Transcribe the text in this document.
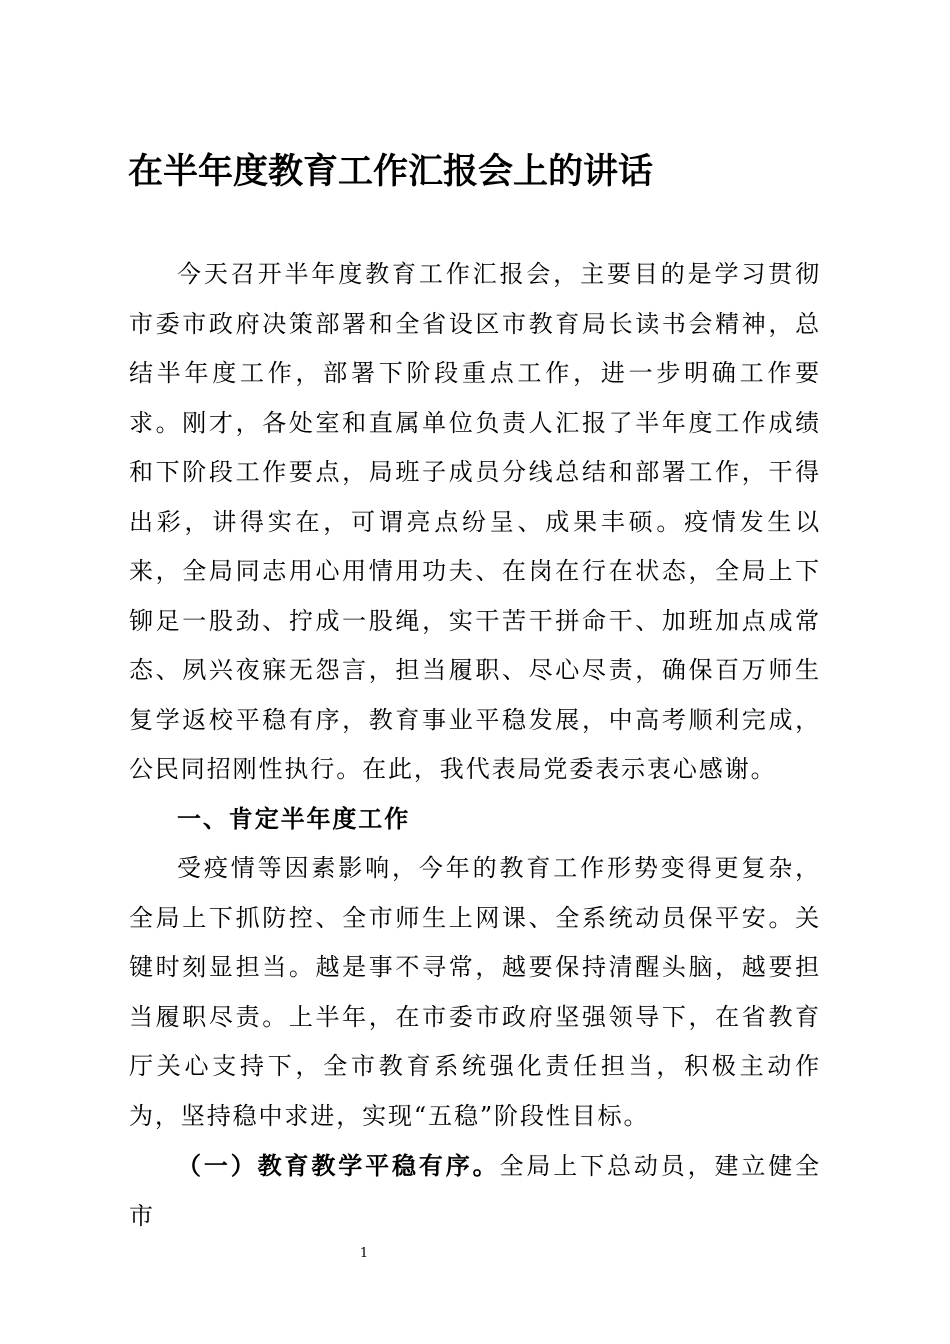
在半年度教育工作汇报会上的讲话

今天召开半年度教育工作汇报会，主要目的是学习贯彻市委市政府决策部署和全省设区市教育局长读书会精神，总结半年度工作，部署下阶段重点工作，进一步明确工作要求。刚才，各处室和直属单位负责人汇报了半年度工作成绩和下阶段工作要点，局班子成员分线总结和部署工作，干得出彩，讲得实在，可谓亮点纷呈、成果丰硕。疫情发生以来，全局同志用心用情用功夫、在岗在行在状态，全局上下铆足一股劲、拧成一股绳，实干苦干拼命干、加班加点成常态、夙兴夜寐无怨言，担当履职、尽心尽责，确保百万师生复学返校平稳有序，教育事业平稳发展，中高考顺利完成，公民同招刚性执行。在此，我代表局党委表示衷心感谢。

一、肯定半年度工作

受疫情等因素影响，今年的教育工作形势变得更复杂，全局上下抓防控、全市师生上网课、全系统动员保平安。关键时刻显担当。越是事不寻常，越要保持清醒头脑，越要担当履职尽责。上半年，在市委市政府坚强领导下，在省教育厅关心支持下，全市教育系统强化责任担当，积极主动作为，坚持稳中求进，实现“五稳”阶段性目标。

（一）教育教学平稳有序。全局上下总动员，建立健全市

1
